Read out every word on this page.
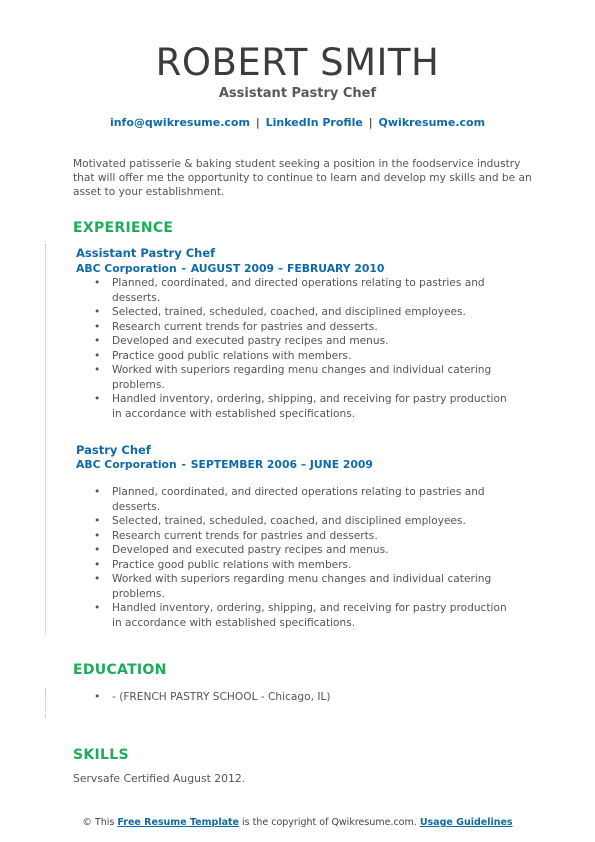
ROBERT SMITH
Assistant Pastry Chef
info@qwikresume.com | LinkedIn Profile | Qwikresume.com
Motivated patisserie & baking student seeking a position in the foodservice industry that will offer me the opportunity to continue to learn and develop my skills and be an asset to your establishment.
EXPERIENCE
Assistant Pastry Chef
ABC Corporation - AUGUST 2009 – FEBRUARY 2010
• Planned, coordinated, and directed operations relating to pastries and desserts.
• Selected, trained, scheduled, coached, and disciplined employees.
• Research current trends for pastries and desserts.
• Developed and executed pastry recipes and menus.
• Practice good public relations with members.
• Worked with superiors regarding menu changes and individual catering problems.
• Handled inventory, ordering, shipping, and receiving for pastry production in accordance with established specifications.
Pastry Chef
ABC Corporation - SEPTEMBER 2006 – JUNE 2009
• Planned, coordinated, and directed operations relating to pastries and desserts.
• Selected, trained, scheduled, coached, and disciplined employees.
• Research current trends for pastries and desserts.
• Developed and executed pastry recipes and menus.
• Practice good public relations with members.
• Worked with superiors regarding menu changes and individual catering problems.
• Handled inventory, ordering, shipping, and receiving for pastry production in accordance with established specifications.
EDUCATION
• - (FRENCH PASTRY SCHOOL - Chicago, IL)
SKILLS
Servsafe Certified August 2012.
© This Free Resume Template is the copyright of Qwikresume.com. Usage Guidelines
